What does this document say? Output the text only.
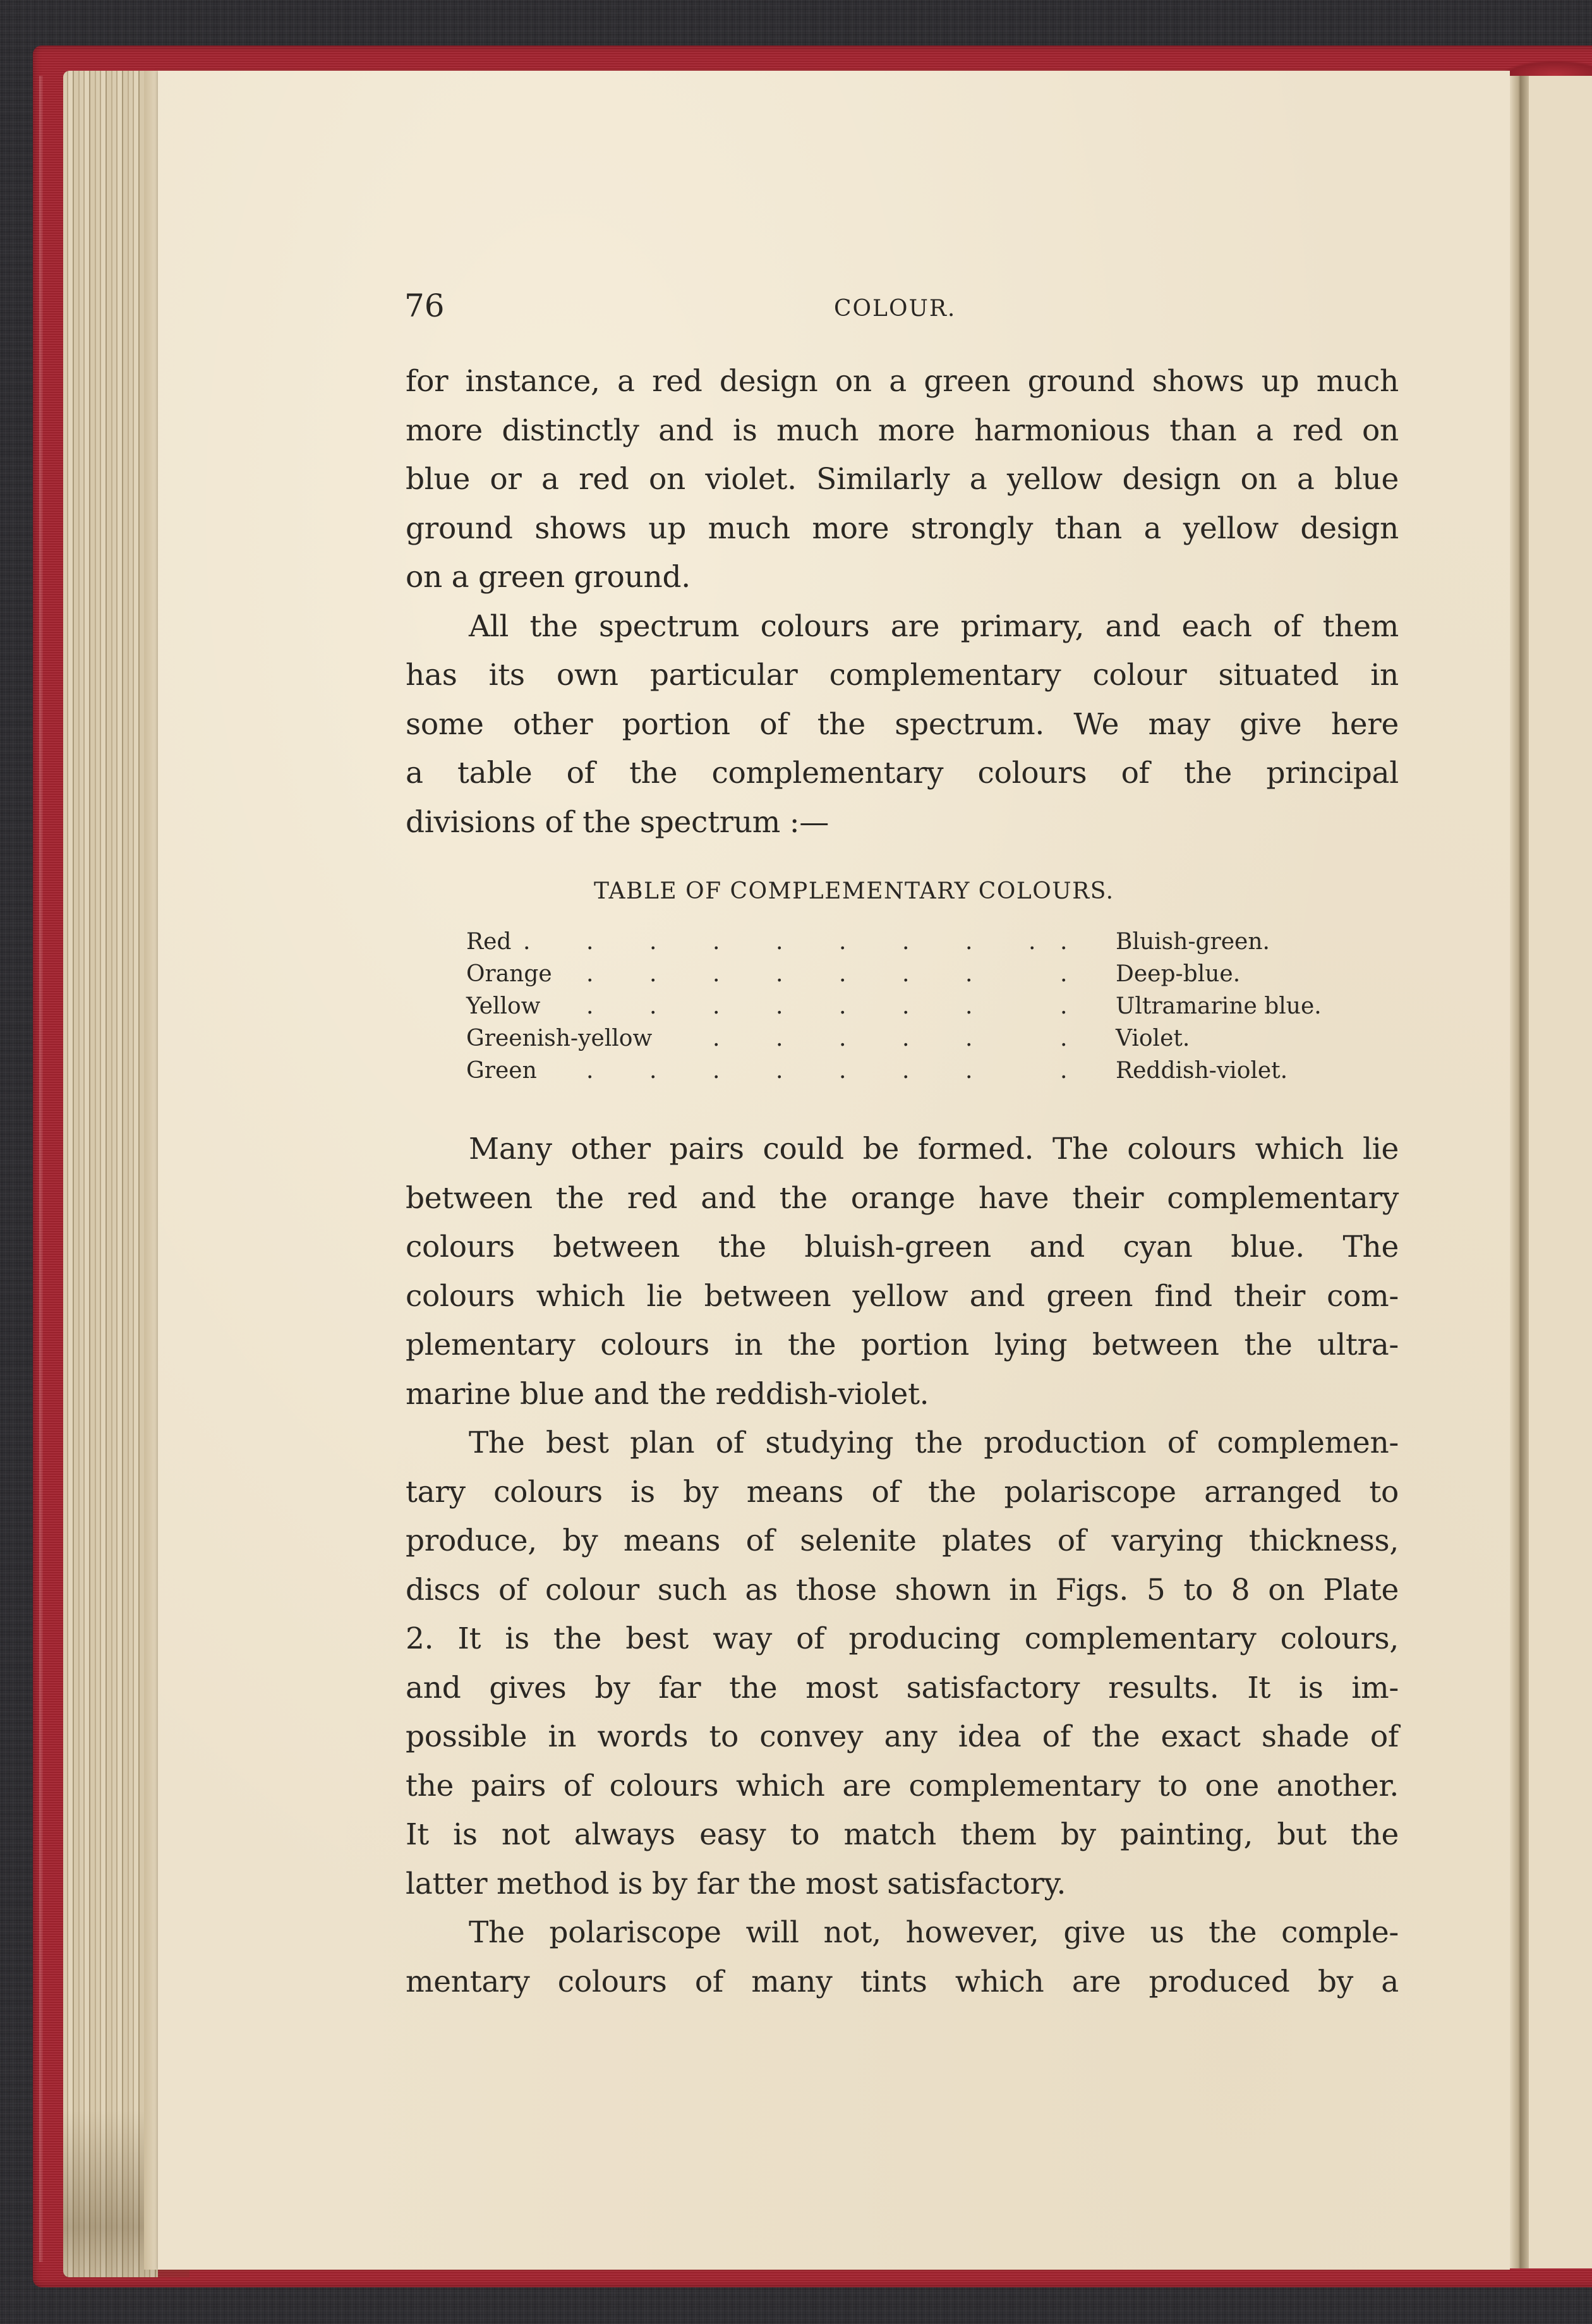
76	COLOUR.
for instance, a red design on a green ground shows up much
more distinctly and is much more harmonious than a red on
blue or a red on violet. Similarly a yellow design on a blue
ground shows up much more strongly than a yellow design
on a green ground.
All the spectrum colours are primary, and each of them
has its own particular complementary colour situated in
some other portion of the spectrum. We may give here
a table of the complementary colours of the principal
divisions of the spectrum :—
TABLE OF COMPLEMENTARY COLOURS.
Red . . . . . . . . . . Bluish-green.
Orange . . . . . . .	. Deep-blue.
Yellow . . . . . . .	. Ultramarine blue.
Greenish-yellow	. . . . .	. Violet.
Green . . . . . . .	. Reddish-violet.
Many other pairs could be formed. The colours which lie
between the red and the orange have their complementary
colours between the bluish-green and cyan blue. The
colours which lie between yellow and green find their com-
plementary colours in the portion lying between the ultra-
marine blue and the reddish-violet.
The best plan of studying the production of complemen-
tary colours is by means of the polariscope arranged to
produce, by means of selenite plates of varying thickness,
discs of colour such as those shown in Figs. 5 to 8 on Plate
2. It is the best way of producing complementary colours,
and gives by far the most satisfactory results. It is im-
possible in words to convey any idea of the exact shade of
the pairs of colours which are complementary to one another.
It is not always easy to match them by painting, but the
latter method is by far the most satisfactory.
The polariscope will not, however, give us the comple-
mentary colours of many tints which are produced by a
